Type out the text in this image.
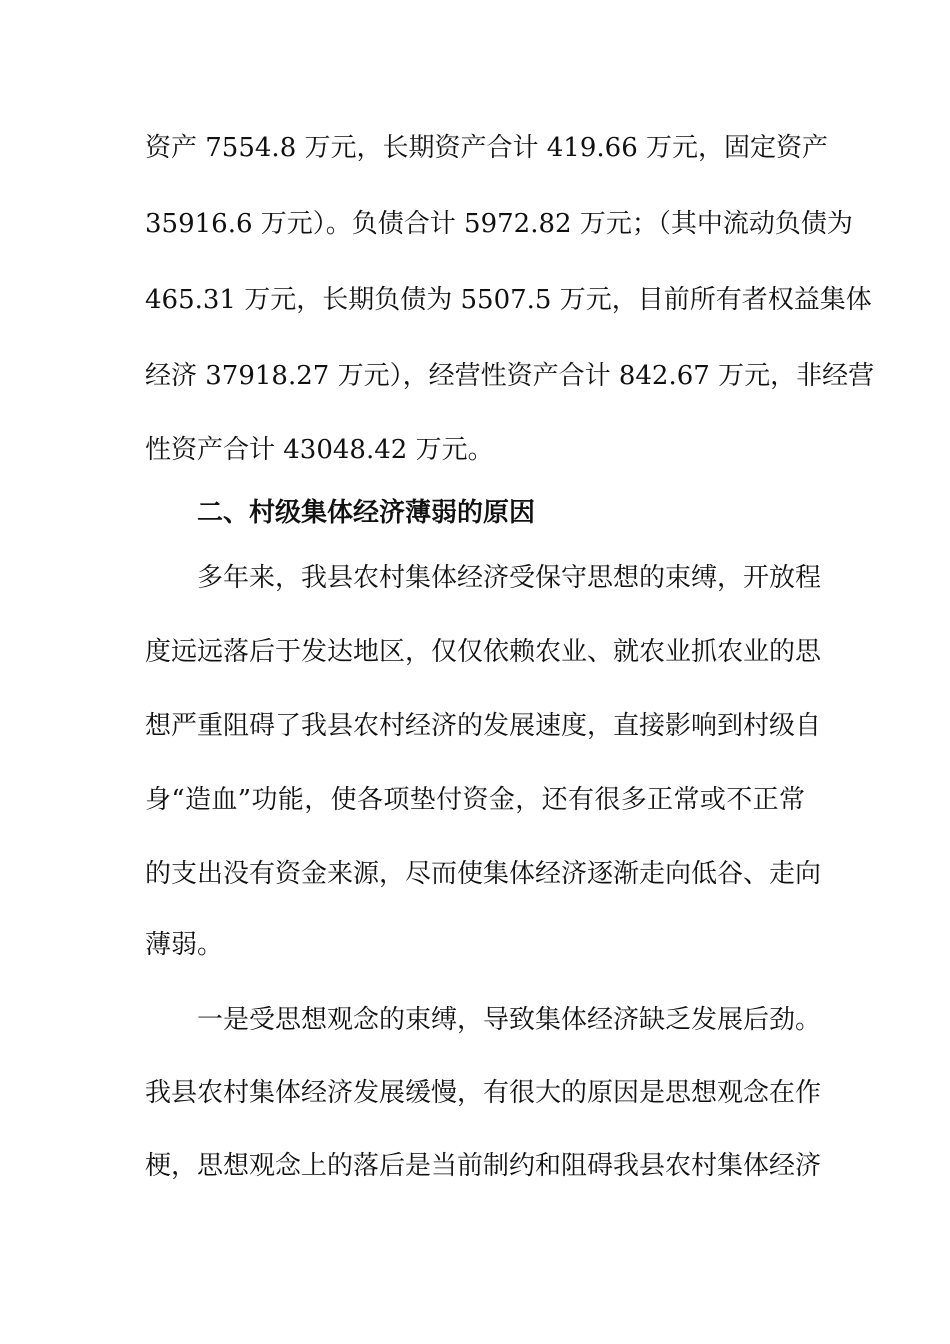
资产 7554.8 万元，长期资产合计 419.66 万元，固定资产
35916.6 万元）。负债合计 5972.82 万元；（其中流动负债为
465.31 万元，长期负债为 5507.5 万元，目前所有者权益集体
经济 37918.27 万元），经营性资产合计 842.67 万元，非经营
性资产合计 43048.42 万元。
二、村级集体经济薄弱的原因
多年来，我县农村集体经济受保守思想的束缚，开放程
度远远落后于发达地区，仅仅依赖农业、就农业抓农业的思
想严重阻碍了我县农村经济的发展速度，直接影响到村级自
身“造血”功能，使各项垫付资金，还有很多正常或不正常
的支出没有资金来源，尽而使集体经济逐渐走向低谷、走向
薄弱。
一是受思想观念的束缚，导致集体经济缺乏发展后劲。
我县农村集体经济发展缓慢，有很大的原因是思想观念在作
梗，思想观念上的落后是当前制约和阻碍我县农村集体经济
